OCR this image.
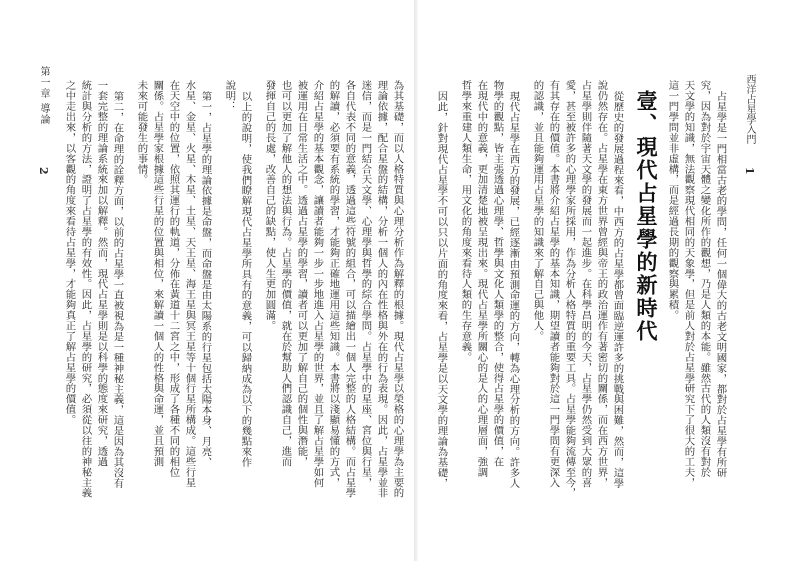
西洋占星學入門
1
占星學是一門相當古老的學問，任何一個偉大的古老文明國家，都對於占星學有所研
究，因為對於宇宙天體之變化所作的觀想，乃是人類的本能。雖然古代的人類沒有對於
天文學的知識，無法觀察現代相同的天象學，但是前人對於占星學研究下了很大的工夫，
這一門學問並非虛構，而是經過長期的觀察與累積。
壹、現代占星學的新時代
從歷史的發展過程來看，中西方的占星學都曾面臨逆運許多的挑戰與困難，然而，這學
說仍然存在。占星學在東方世界曾經與帝王的政治運作有著密切的關係，而在西方世界，
占星學則伴隨著天文學的發展而一起進步。在科學昌明的今天，占星學仍然受到大眾的喜
愛，甚至被許多的心理學家所採用，作為分析人格特質的重要工具。占星學能夠流傳至今，
有其存在的價值。本書將介紹占星學的基本知識，期望讀者能夠對於這一門學問有更深入
的認識，並且能夠運用占星學的知識來了解自己與他人。
現代占星學在西方的發展，已經逐漸由預測命運的方向，轉為心理分析的方向。許多人
物學的觀點，皆主張透過心理學、哲學與文化人類學的整合，使得占星學的價值，在
在現代中的意義，更加清楚地被呈現出來。現代占星學所關心的是人的心理層面，強調
哲學來重建人類生命，用文化的角度來看待人類的生存意義。
因此，針對現代占星學不可以只以片面的角度來看，占星學是以天文學的理論為基礎，
為其基礎，而以人格特質與心理分析作為解釋的根據。現代占星學以榮格的心理學為主要的
理論依據，配合星盤的結構，分析一個人的內在性格與外在的行為表現。因此，占星學並非
迷信，而是一門結合天文學、心理學與哲學的綜合學問。占星學中的星座、宮位與行星，
各自代表不同的意義，透過這些符號的組合，可以描繪出一個人完整的人格結構。而占星學
的解讀，必須要有系統的學習，才能夠正確地運用這些知識。本書將以淺顯易懂的方式，
介紹占星學的基本觀念，讓讀者能夠一步一步地進入占星學的世界，並且了解占星學如何
被運用在日常生活之中。透過占星學的學習，讀者可以更加了解自己的個性與潛能，
也可以更加了解他人的想法與行為。占星學的價值，就在於幫助人們認識自己，進而
發揮自己的長處，改善自己的缺點，使人生更加圓滿。
以上的說明，使我們瞭解現代占星學所具有的意義，可以歸納成為以下的幾點來作
說明：
第一，占星學的理論依據是命盤，而命盤是由太陽系的行星包括太陽本身、月亮、
水星、金星、火星、木星、土星、天王星、海王星與冥王星等十個行星所構成。這些行星
在天空中的位置，依照其運行的軌道，分佈在黃道十二宮之中，形成了各種不同的相位
關係。占星學家根據這些行星的位置與相位，來解讀一個人的性格與命運，並且預測
未來可能發生的事情。
第二，在命理的詮釋方面，以前的占星學一直被視為是一種神秘主義，這是因為其沒有
一套完整的理論系統來加以解釋。然而，現代占星學則是以科學的態度來研究，透過
統計與分析的方法，證明了占星學的有效性。因此，占星學的研究，必須從以往的神秘主義
之中走出來，以客觀的角度來看待占星學，才能夠真正了解占星學的價值。
第一章 導論
2
